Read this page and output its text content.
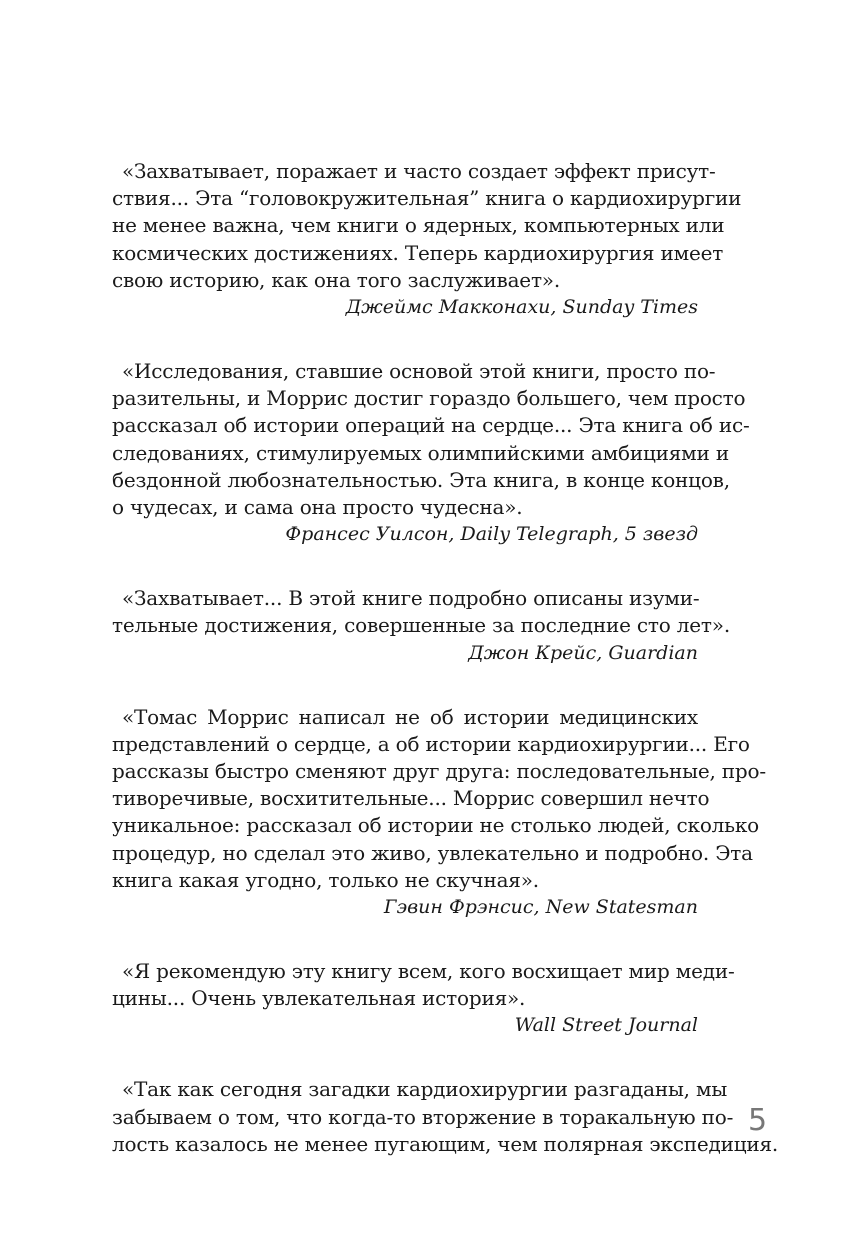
«Захватывает, поражает и часто создает эффект присут-
ствия... Эта “головокружительная” книга о кардиохирургии
не менее важна, чем книги о ядерных, компьютерных или
космических достижениях. Теперь кардиохирургия имеет
свою историю, как она того заслуживает».

Джеймс Макконахи, Sunday Times

«Исследования, ставшие основой этой книги, просто по-
разительны, и Моррис достиг гораздо большего, чем просто
рассказал об истории операций на сердце... Эта книга об ис-
следованиях, стимулируемых олимпийскими амбициями и
бездонной любознательностью. Эта книга, в конце концов,
о чудесах, и сама она просто чудесна».

Франсес Уилсон, Daily Telegraph, 5 звезд

«Захватывает... В этой книге подробно описаны изуми-
тельные достижения, совершенные за последние сто лет».

Джон Крейс, Guardian

«Томас Моррис написал не об истории медицинских
представлений о сердце, а об истории кардиохирургии... Его
рассказы быстро сменяют друг друга: последовательные, про-
тиворечивые, восхитительные... Моррис совершил нечто
уникальное: рассказал об истории не столько людей, сколько
процедур, но сделал это живо, увлекательно и подробно. Эта
книга какая угодно, только не скучная».

Гэвин Фрэнсис, New Statesman

«Я рекомендую эту книгу всем, кого восхищает мир меди-
цины... Очень увлекательная история».

Wall Street Journal

«Так как сегодня загадки кардиохирургии разгаданы, мы
забываем о том, что когда-то вторжение в торакальную по-
лость казалось не менее пугающим, чем полярная экспедиция.

5
